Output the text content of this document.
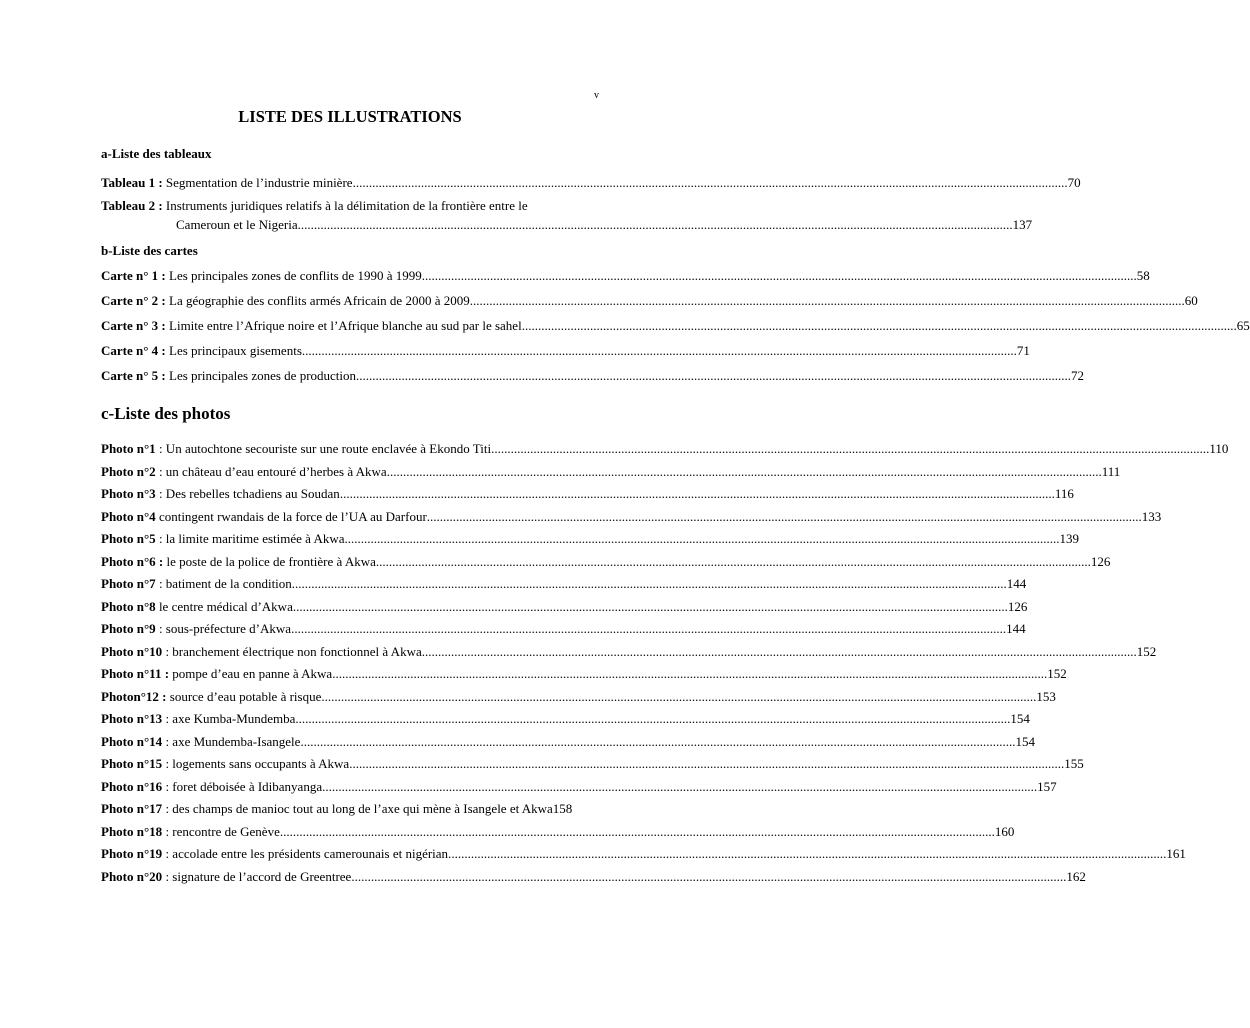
v
LISTE DES ILLUSTRATIONS
a-Liste des tableaux
Tableau 1 : Segmentation de l’industrie minière .....	70
Tableau 2 : Instruments juridiques relatifs à la délimitation de la frontière entre le
Cameroun et le Nigeria .....	137
b-Liste des cartes
Carte n° 1 : Les principales zones de conflits de 1990 à 1999 .....	58
Carte n° 2 : La géographie des conflits armés Africain de 2000 à 2009 .....	60
Carte n° 3 : Limite entre l’Afrique noire et l’Afrique blanche au sud par le sahel .....	65
Carte n° 4 : Les principaux gisements .....	71
Carte n° 5 : Les principales zones de production .....	72
c-Liste des photos
Photo n°1 : Un autochtone secouriste sur une route enclavée à Ekondo Titi. .....	110
Photo n°2 : un château d’eau entouré d’herbes à Akwa .....	111
Photo n°3 : Des rebelles tchadiens au Soudan .....	116
Photo n°4 contingent rwandais de la force de l’UA au Darfour .....	133
Photo n°5 : la limite maritime estimée à Akwa .....	139
Photo n°6 : le poste de la police de frontière à Akwa .....	126
Photo n°7 : batiment de la condition .....	144
Photo n°8 le centre médical d’Akwa .....	126
Photo n°9 : sous-préfecture d’Akwa .....	144
Photo n°10 : branchement électrique non fonctionnel à Akwa .....	152
Photo n°11 : pompe d’eau en panne à Akwa .....	152
Photon°12 : source d’eau potable à risque .....	153
Photo n°13 : axe Kumba-Mundemba .....	154
Photo n°14 : axe Mundemba-Isangele .....	154
Photo n°15 : logements sans occupants à Akwa .....	155
Photo n°16 : foret déboisée à Idibanyanga .....	157
Photo n°17 : des champs de manioc tout au long de l’axe qui mène à Isangele et Akwa 158
Photo n°18 : rencontre de Genève .....	160
Photo n°19 : accolade entre les présidents camerounais et nigérian. .....	161
Photo n°20 : signature de l’accord de Greentree .....	162
